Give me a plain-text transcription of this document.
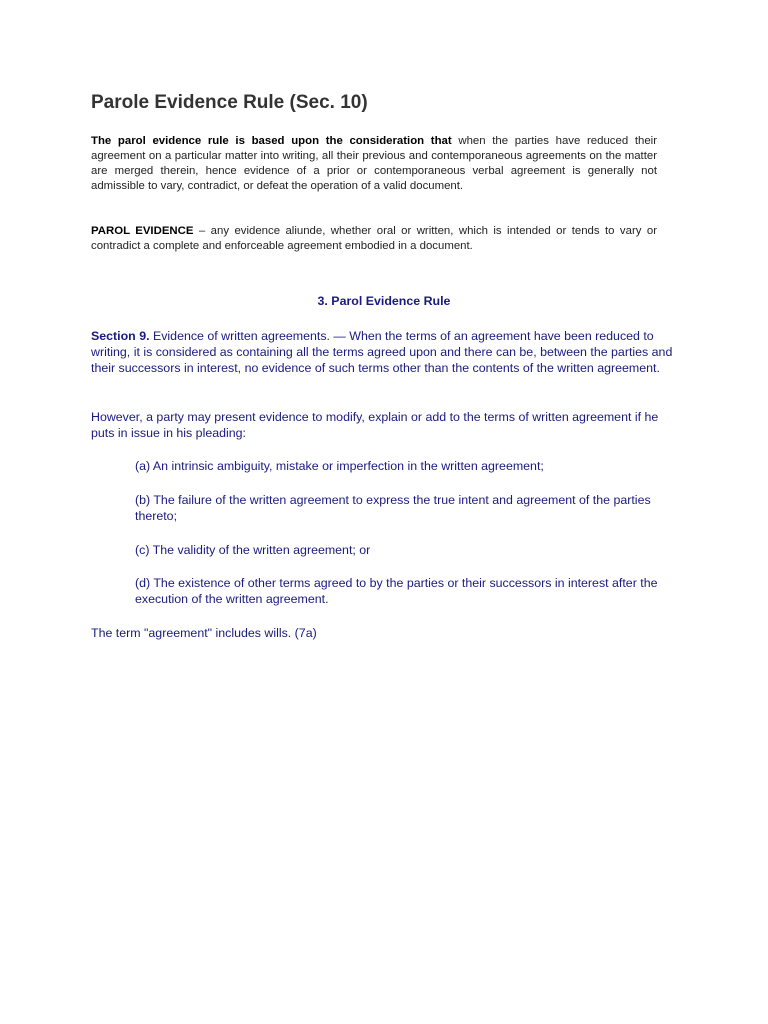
Parole Evidence Rule (Sec. 10)

The parol evidence rule is based upon the consideration that when the parties have reduced their agreement on a particular matter into writing, all their previous and contemporaneous agreements on the matter are merged therein, hence evidence of a prior or contemporaneous verbal agreement is generally not admissible to vary, contradict, or defeat the operation of a valid document.

PAROL EVIDENCE – any evidence aliunde, whether oral or written, which is intended or tends to vary or contradict a complete and enforceable agreement embodied in a document.

3. Parol Evidence Rule

Section 9. Evidence of written agreements. — When the terms of an agreement have been reduced to writing, it is considered as containing all the terms agreed upon and there can be, between the parties and their successors in interest, no evidence of such terms other than the contents of the written agreement.

However, a party may present evidence to modify, explain or add to the terms of written agreement if he puts in issue in his pleading:

(a) An intrinsic ambiguity, mistake or imperfection in the written agreement;

(b) The failure of the written agreement to express the true intent and agreement of the parties thereto;

(c) The validity of the written agreement; or

(d) The existence of other terms agreed to by the parties or their successors in interest after the execution of the written agreement.

The term "agreement" includes wills. (7a)
